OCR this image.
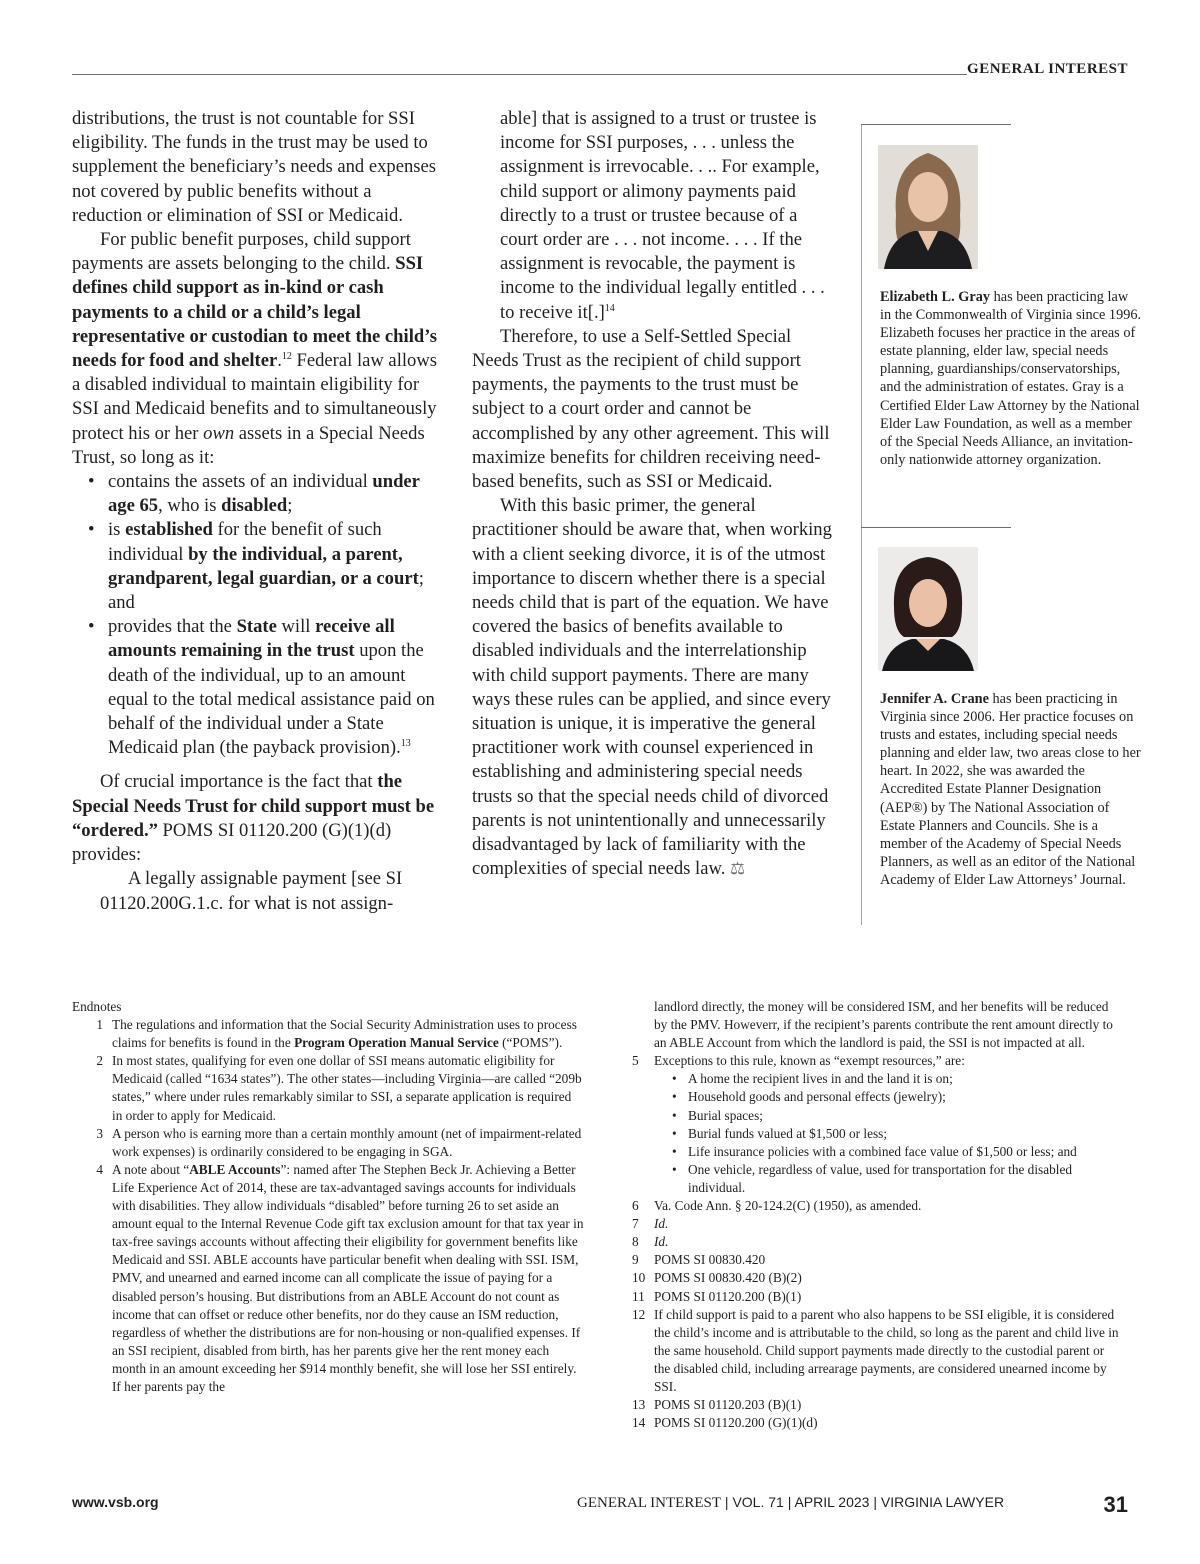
GENERAL INTEREST

distributions, the trust is not countable for SSI eligibility. The funds in the trust may be used to supplement the beneficiary’s needs and expenses not covered by public benefits without a reduction or elimination of SSI or Medicaid.

For public benefit purposes, child support payments are assets belonging to the child. SSI defines child support as in-kind or cash payments to a child or a child’s legal representative or custodian to meet the child’s needs for food and shelter.$^{12}$ Federal law allows a disabled individual to maintain eligibility for SSI and Medicaid benefits and to simultaneously protect his or her own assets in a Special Needs Trust, so long as it:

• contains the assets of an individual under age 65, who is disabled;
• is established for the benefit of such individual by the individual, a parent, grandparent, legal guardian, or a court; and
• provides that the State will receive all amounts remaining in the trust upon the death of the individual, up to an amount equal to the total medical assistance paid on behalf of the individual under a State Medicaid plan (the payback provision).$^{13}$

Of crucial importance is the fact that the Special Needs Trust for child support must be “ordered.” POMS SI 01120.200 (G)(1)(d) provides:

A legally assignable payment [see SI 01120.200G.1.c. for what is not assign-

able] that is assigned to a trust or trustee is income for SSI purposes, . . . unless the assignment is irrevocable. . .. For example, child support or alimony payments paid directly to a trust or trustee because of a court order are . . . not income. . . . If the assignment is revocable, the payment is income to the individual legally entitled . . . to receive it[.]$^{14}$

Therefore, to use a Self-Settled Special Needs Trust as the recipient of child support payments, the payments to the trust must be subject to a court order and cannot be accomplished by any other agreement. This will maximize benefits for children receiving need-based benefits, such as SSI or Medicaid.

With this basic primer, the general practitioner should be aware that, when working with a client seeking divorce, it is of the utmost importance to discern whether there is a special needs child that is part of the equation. We have covered the basics of benefits available to disabled individuals and the interrelationship with child support payments. There are many ways these rules can be applied, and since every situation is unique, it is imperative the general practitioner work with counsel experienced in establishing and administering special needs trusts so that the special needs child of divorced parents is not unintentionally and unnecessarily disadvantaged by lack of familiarity with the complexities of special needs law. ⚖

Elizabeth L. Gray has been practicing law in the Commonwealth of Virginia since 1996. Elizabeth focuses her practice in the areas of estate planning, elder law, special needs planning, guardianships/conservatorships, and the administration of estates. Gray is a Certified Elder Law Attorney by the National Elder Law Foundation, as well as a member of the Special Needs Alliance, an invitation-only nationwide attorney organization.
Jennifer A. Crane has been practicing in Virginia since 2006. Her practice focuses on trusts and estates, including special needs planning and elder law, two areas close to her heart. In 2022, she was awarded the Accredited Estate Planner Designation (AEP®) by The National Association of Estate Planners and Councils. She is a member of the Academy of Special Needs Planners, as well as an editor of the National Academy of Elder Law Attorneys’ Journal.
Endnotes
1 The regulations and information that the Social Security Administration uses to process claims for benefits is found in the Program Operation Manual Service (“POMS”).
2 In most states, qualifying for even one dollar of SSI means automatic eligibility for Medicaid (called “1634 states”). The other states—including Virginia—are called “209b states,” where under rules remarkably similar to SSI, a separate application is required in order to apply for Medicaid.
3 A person who is earning more than a certain monthly amount (net of impairment-related work expenses) is ordinarily considered to be engaging in SGA.
4 A note about “ABLE Accounts”: named after The Stephen Beck Jr. Achieving a Better Life Experience Act of 2014, these are tax-advantaged savings accounts for individuals with disabilities. They allow individuals “disabled” before turning 26 to set aside an amount equal to the Internal Revenue Code gift tax exclusion amount for that tax year in tax-free savings accounts without affecting their eligibility for government benefits like Medicaid and SSI. ABLE accounts have particular benefit when dealing with SSI. ISM, PMV, and unearned and earned income can all complicate the issue of paying for a disabled person’s housing. But distributions from an ABLE Account do not count as income that can offset or reduce other benefits, nor do they cause an ISM reduction, regardless of whether the distributions are for non-housing or non-qualified expenses. If an SSI recipient, disabled from birth, has her parents give her the rent money each month in an amount exceeding her $914 monthly benefit, she will lose her SSI entirely. If her parents pay the
landlord directly, the money will be considered ISM, and her benefits will be reduced by the PMV. Howeverr, if the recipient’s parents contribute the rent amount directly to an ABLE Account from which the landlord is paid, the SSI is not impacted at all.
5	Exceptions to this rule, known as “exempt resources,” are:
• A home the recipient lives in and the land it is on;
• Household goods and personal effects (jewelry);
• Burial spaces;
• Burial funds valued at $1,500 or less;
• Life insurance policies with a combined face value of $1,500 or less; and
• One vehicle, regardless of value, used for transportation for the disabled individual.
6	Va. Code Ann. § 20-124.2(C) (1950), as amended.
7	Id.
8	Id.
9	POMS SI 00830.420
10 POMS SI 00830.420 (B)(2)
11 POMS SI 01120.200 (B)(1)
12 If child support is paid to a parent who also happens to be SSI eligible, it is considered the child’s income and is attributable to the child, so long as the parent and child live in the same household. Child support payments made directly to the custodial parent or the disabled child, including arrearage payments, are considered unearned income by SSI.
13 POMS SI 01120.203 (B)(1)
14 POMS SI 01120.200 (G)(1)(d)
www.vsb.org	GENERAL INTEREST | VOL. 71 | APRIL 2023 | VIRGINIA LAWYER	31
